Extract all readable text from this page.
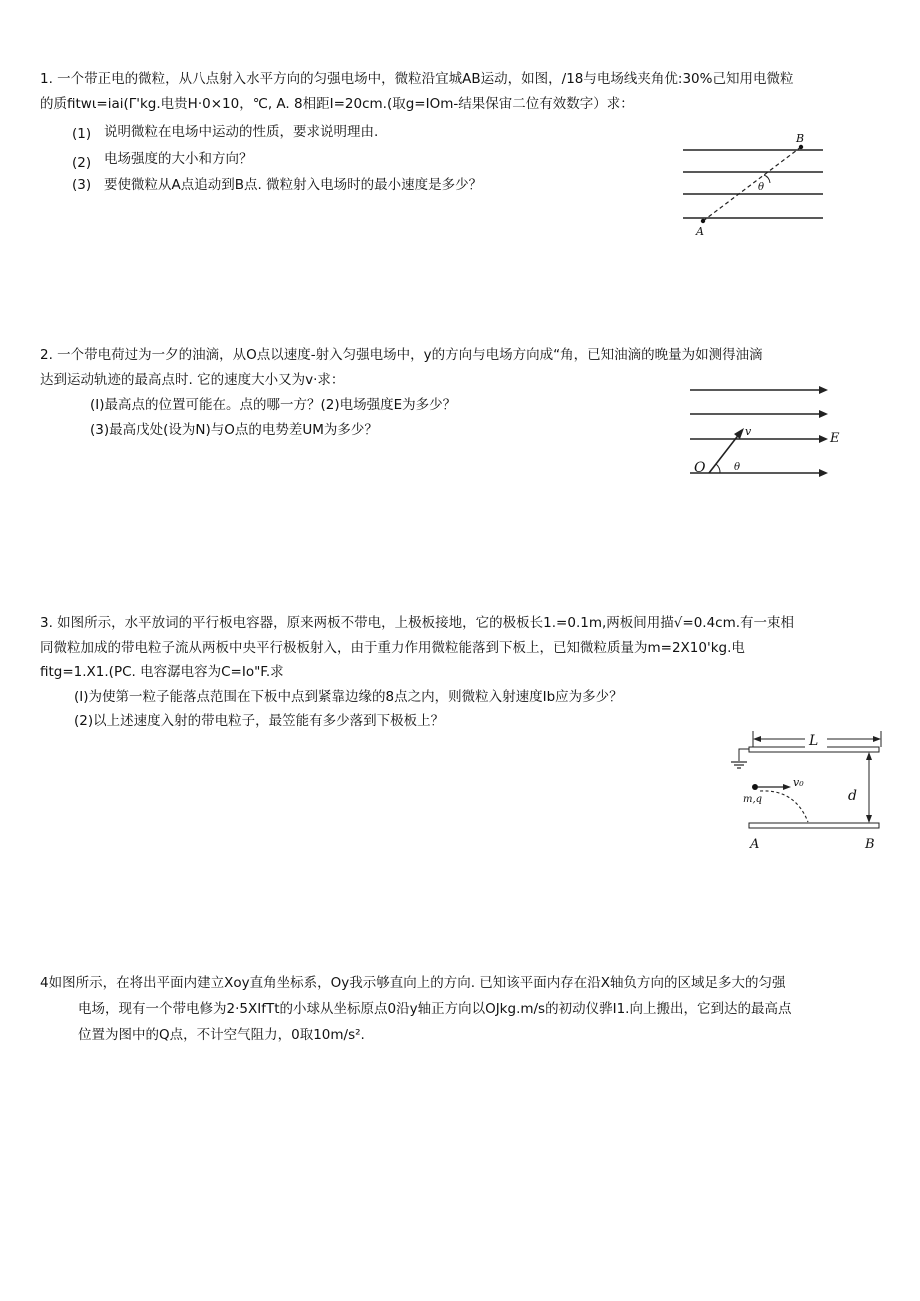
1. 一个带正电的微粒，从八点射入水平方向的匀强电场中，微粒沿宜城AB运动，如图，/18与电场线夹角优:30%己知用电微粒
的质fitwι=iai(Γ'kg.电贵H·0×10，℃, A. 8相距I=20cm.(取g=IOm-结果保宙二位有效数字）求：
(1) 说明微粒在电场中运动的性质，要求说明理由.
(2) 电场强度的大小和方向？
(3) 要使微粒从A点追动到B点. 微粒射入电场时的最小速度是多少？
A
B
θ
2. 一个带电荷过为一夕的油滴，从O点以速度-射入匀强电场中，y的方向与电场方向成“角，已知油滴的晚量为如测得油滴
达到运动轨迹的最高点时. 它的速度大小又为v·求：
(I)最高点的位置可能在。点的哪一方？(2)电场强度E为多少？
(3)最高戊处(设为N)与O点的电势差UM为多少？	v	E
O	θ
3. 如图所示，水平放词的平行板电容器，原来两板不带电，上极板接地，它的极板长1.=0.1m,两板间用描√=0.4cm.有一束相
同微粒加成的带电粒子流从两板中央平行极板射入，由于重力作用微粒能落到下板上，已知微粒质量为m=2X10'kg.电
fitg=1.X1.(PC. 电容潺电容为C=Io"F.求
(I)为使第一粒子能落点范围在下板中点到紧靠边缘的8点之内，则微粒入射速度Ib应为多少？
(2)以上述速度入射的带电粒子，最笠能有多少落到下极板上？
L
d
v₀
m,q
A	B
4如图所示，在将出平面内建立Xoy直角坐标系，Oy我示够直向上的方向. 已知该平面内存在沿X轴负方向的区域足多大的匀强
电场，现有一个带电修为2·5XIfTt的小球从坐标原点0沿y轴正方向以OJkg.m/s的初动仪骅I1.向上搬出，它到达的最高点
位置为图中的Q点，不计空气阻力，0取10m∕s².
